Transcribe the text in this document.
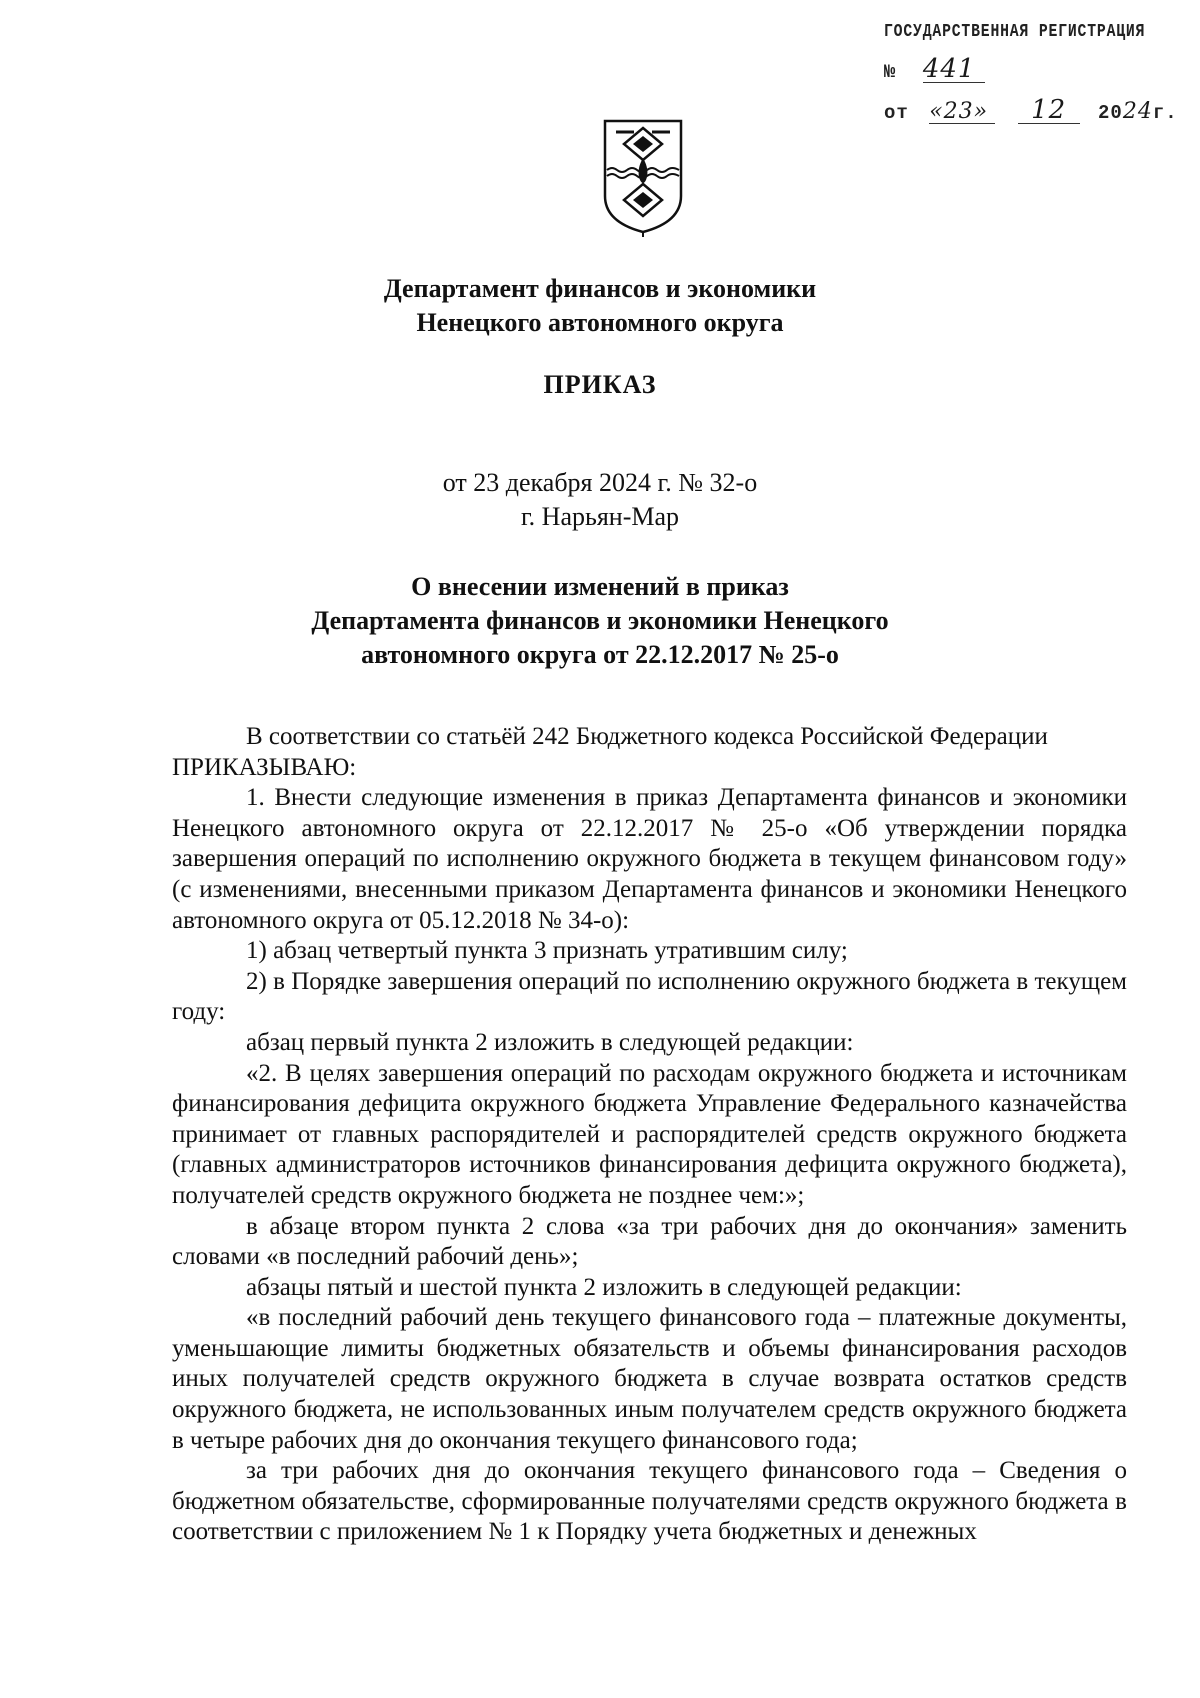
ГОСУДАРСТВЕННАЯ РЕГИСТРАЦИЯ
№ 441
от «23» 12 2024г.
Департамент финансов и экономики
Ненецкого автономного округа
ПРИКАЗ
от 23 декабря 2024 г. № 32-о
г. Нарьян-Мар
О внесении изменений в приказ
Департамента финансов и экономики Ненецкого
автономного округа от 22.12.2017 № 25-о

В соответствии со статьёй 242 Бюджетного кодекса Российской Федерации

ПРИКАЗЫВАЮ:

1. Внести следующие изменения в приказ Департамента финансов и экономики Ненецкого автономного округа от 22.12.2017 № 25-о «Об утверждении порядка завершения операций по исполнению окружного бюджета в текущем финансовом году» (с изменениями, внесенными приказом Департамента финансов и экономики Ненецкого автономного округа от 05.12.2018 № 34-о):

1) абзац четвертый пункта 3 признать утратившим силу;

2) в Порядке завершения операций по исполнению окружного бюджета в текущем году:

абзац первый пункта 2 изложить в следующей редакции:

«2. В целях завершения операций по расходам окружного бюджета и источникам финансирования дефицита окружного бюджета Управление Федерального казначейства принимает от главных распорядителей и распорядителей средств окружного бюджета (главных администраторов источников финансирования дефицита окружного бюджета), получателей средств окружного бюджета не позднее чем:»;

в абзаце втором пункта 2 слова «за три рабочих дня до окончания» заменить словами «в последний рабочий день»;

абзацы пятый и шестой пункта 2 изложить в следующей редакции:

«в последний рабочий день текущего финансового года – платежные документы, уменьшающие лимиты бюджетных обязательств и объемы финансирования расходов иных получателей средств окружного бюджета в случае возврата остатков средств окружного бюджета, не использованных иным получателем средств окружного бюджета в четыре рабочих дня до окончания текущего финансового года;

за три рабочих дня до окончания текущего финансового года – Сведения о бюджетном обязательстве, сформированные получателями средств окружного бюджета в соответствии с приложением № 1 к Порядку учета бюджетных и денежных
